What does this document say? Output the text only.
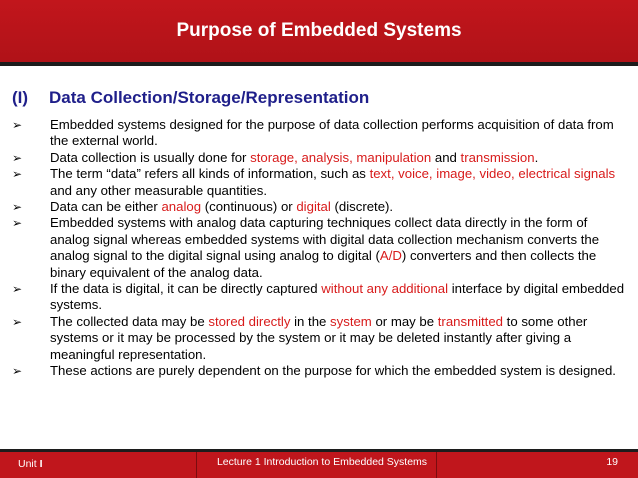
Purpose of Embedded Systems
(I) Data Collection/Storage/Representation
➢ Embedded systems designed for the purpose of data collection performs acquisition of data from the external world.
➢ Data collection is usually done for storage, analysis, manipulation and transmission.
➢ The term “data” refers all kinds of information, such as text, voice, image, video, electrical signals and any other measurable quantities.
➢ Data can be either analog (continuous) or digital (discrete).
➢ Embedded systems with analog data capturing techniques collect data directly in the form of analog signal whereas embedded systems with digital data collection mechanism converts the analog signal to the digital signal using analog to digital (A/D) converters and then collects the binary equivalent of the analog data.
➢ If the data is digital, it can be directly captured without any additional interface by digital embedded systems.
➢ The collected data may be stored directly in the system or may be transmitted to some other systems or it may be processed by the system or it may be deleted instantly after giving a meaningful representation.
➢ These actions are purely dependent on the purpose for which the embedded system is designed.
Unit I	Lecture 1 Introduction to Embedded Systems	19
